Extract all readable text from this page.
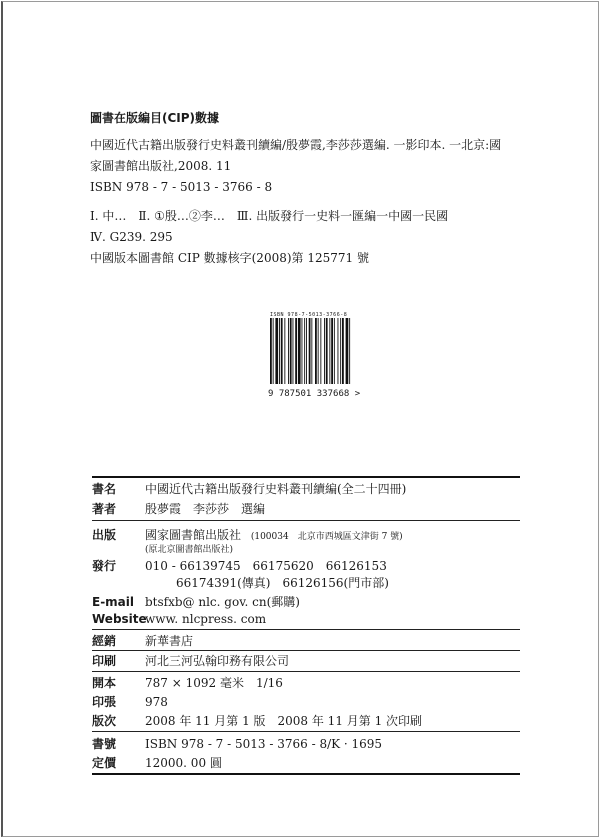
圖書在版編目(CIP)數據
中國近代古籍出版發行史料叢刊續編/殷夢霞,李莎莎選編. 一影印本. 一北京:國
家圖書館出版社,2008. 11
ISBN 978 - 7 - 5013 - 3766 - 8
Ⅰ. 中…　Ⅱ. ①殷…②李…　Ⅲ. 出版發行一史料一匯編一中國一民國
Ⅳ. G239. 295
中國版本圖書館 CIP 數據核字(2008)第 125771 號
ISBN 978-7-5013-3766-8
9 787501 337668 >
書名 中國近代古籍出版發行史料叢刊續編(全二十四冊)
著者 殷夢霞　李莎莎　選編
出版 國家圖書館出版社 (100034　北京市西城區文津街 7 號)
(原北京圖書館出版社)
發行 010 - 66139745　66175620　66126153
66174391(傳真)　66126156(門市部)
E-mail btsfxb@ nlc. gov. cn(郵購)
Websitewww. nlcpress. com
經銷 新華書店
印刷 河北三河弘翰印務有限公司
開本 787 × 1092 毫米　1/16
印張 978
版次 2008 年 11 月第 1 版　2008 年 11 月第 1 次印刷
書號 ISBN 978 - 7 - 5013 - 3766 - 8/K · 1695
定價 12000. 00 圓
